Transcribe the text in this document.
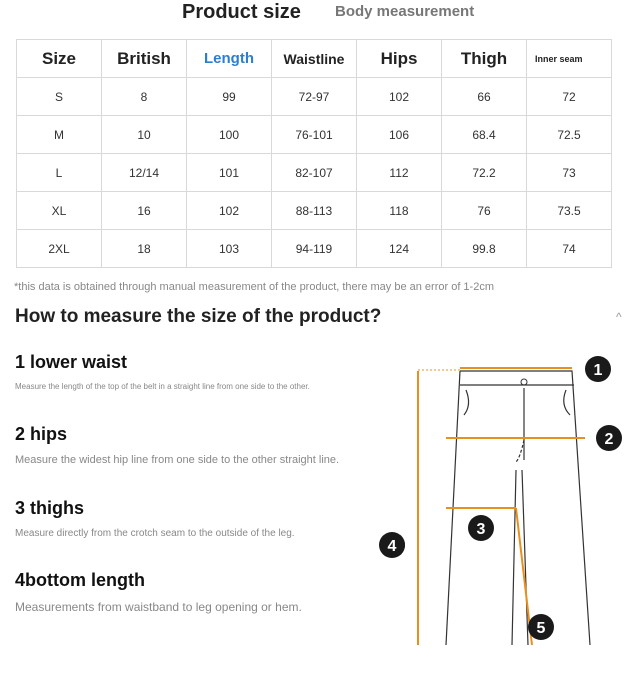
Product size Body measurement
Size	British	Length	Waistline	Hips	Thigh	Inner seam
S	8	99	72-97	102	66	72
M	10	100	76-101	106	68.4	72.5
L	12/14	101	82-107	112	72.2	73
XL	16	102	88-113	118	76	73.5
2XL	18	103	94-119	124	99.8	74
*this data is obtained through manual measurement of the product, there may be an error of 1-2cm
How to measure the size of the product?	^
1 lower waist
Measure the length of the top of the belt in a straight line from one side to the other.
2 hips
Measure the widest hip line from one side to the other straight line.
3 thighs
Measure directly from the crotch seam to the outside of the leg.
4bottom length
Measurements from waistband to leg opening or hem.
1
2
3
5
4
